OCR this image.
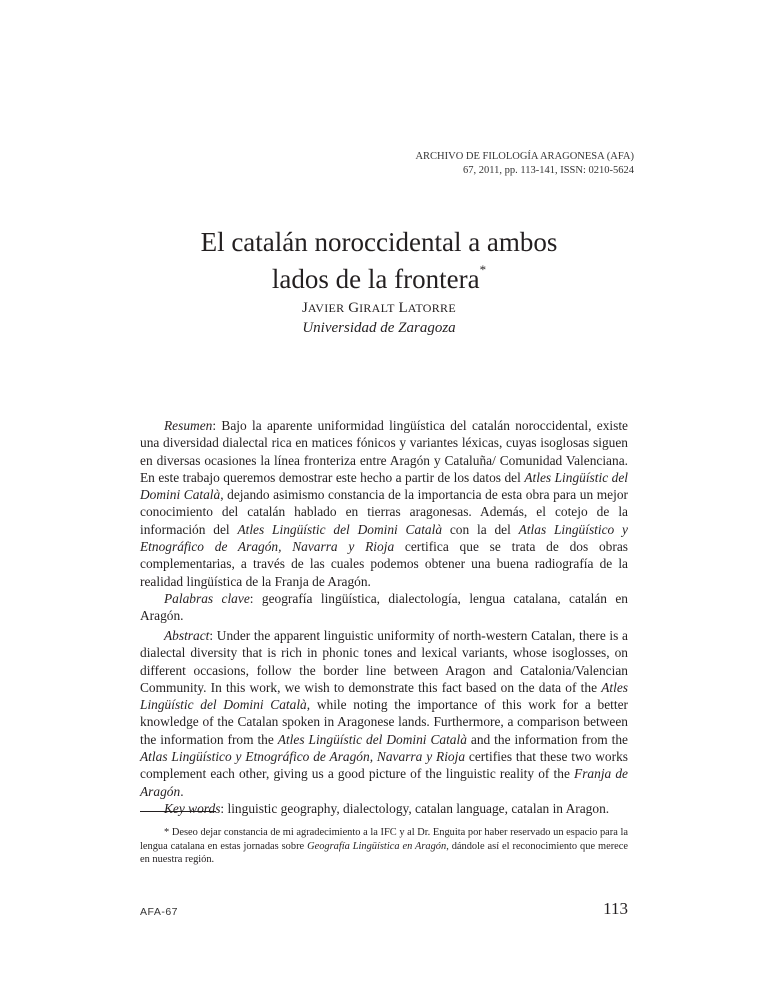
ARCHIVO DE FILOLOGÍA ARAGONESA (AFA)
67, 2011, pp. 113-141, ISSN: 0210-5624
El catalán noroccidental a ambos
lados de la frontera*
JAVIER GIRALT LATORRE
Universidad de Zaragoza

Resumen: Bajo la aparente uniformidad lingüística del catalán noroccidental, existe una diversidad dialectal rica en matices fónicos y variantes léxicas, cuyas isoglosas siguen en diversas ocasiones la línea fronteriza entre Aragón y Cataluña/ Comunidad Valenciana. En este trabajo queremos demostrar este hecho a partir de los datos del Atles Lingüístic del Domini Català, dejando asimismo constancia de la importancia de esta obra para un mejor conocimiento del catalán hablado en tierras aragonesas. Además, el cotejo de la información del Atles Lingüístic del Domini Català con la del Atlas Lingüístico y Etnográfico de Aragón, Navarra y Rioja certifica que se trata de dos obras complementarias, a través de las cuales podemos obtener una buena radiografía de la realidad lingüística de la Franja de Aragón.

Palabras clave: geografía lingüística, dialectología, lengua catalana, catalán en Aragón.

Abstract: Under the apparent linguistic uniformity of north-western Catalan, there is a dialectal diversity that is rich in phonic tones and lexical variants, whose isoglosses, on different occasions, follow the border line between Aragon and Catalonia/Valencian Community. In this work, we wish to demonstrate this fact based on the data of the Atles Lingüístic del Domini Català, while noting the importance of this work for a better knowledge of the Catalan spoken in Aragonese lands. Furthermore, a comparison between the information from the Atles Lingüístic del Domini Català and the information from the Atlas Lingüístico y Etnográfico de Aragón, Navarra y Rioja certifies that these two works complement each other, giving us a good picture of the linguistic reality of the Franja de Aragón.

Key words: linguistic geography, dialectology, catalan language, catalan in Aragon.

* Deseo dejar constancia de mi agradecimiento a la IFC y al Dr. Enguita por haber reservado un espacio para la lengua catalana en estas jornadas sobre Geografía Lingüística en Aragón, dándole así el reconocimiento que merece en nuestra región.

AFA-67	113
